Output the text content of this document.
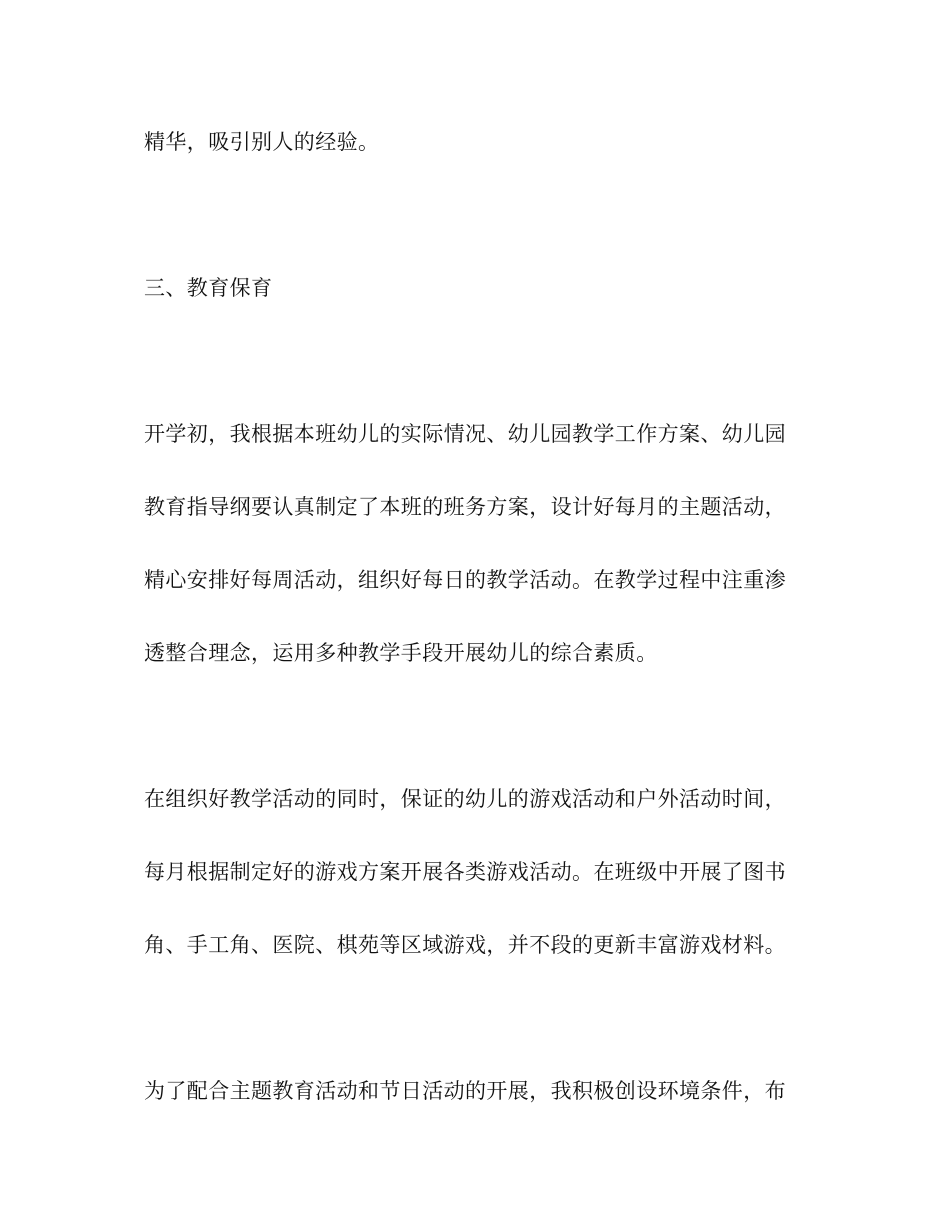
精华，吸引别人的经验。
三、教育保育
开学初，我根据本班幼儿的实际情况、幼儿园教学工作方案、幼儿园
教育指导纲要认真制定了本班的班务方案，设计好每月的主题活动，
精心安排好每周活动，组织好每日的教学活动。在教学过程中注重渗
透整合理念，运用多种教学手段开展幼儿的综合素质。
在组织好教学活动的同时，保证的幼儿的游戏活动和户外活动时间，
每月根据制定好的游戏方案开展各类游戏活动。在班级中开展了图书
角、手工角、医院、棋苑等区域游戏，并不段的更新丰富游戏材料。
为了配合主题教育活动和节日活动的开展，我积极创设环境条件，布
